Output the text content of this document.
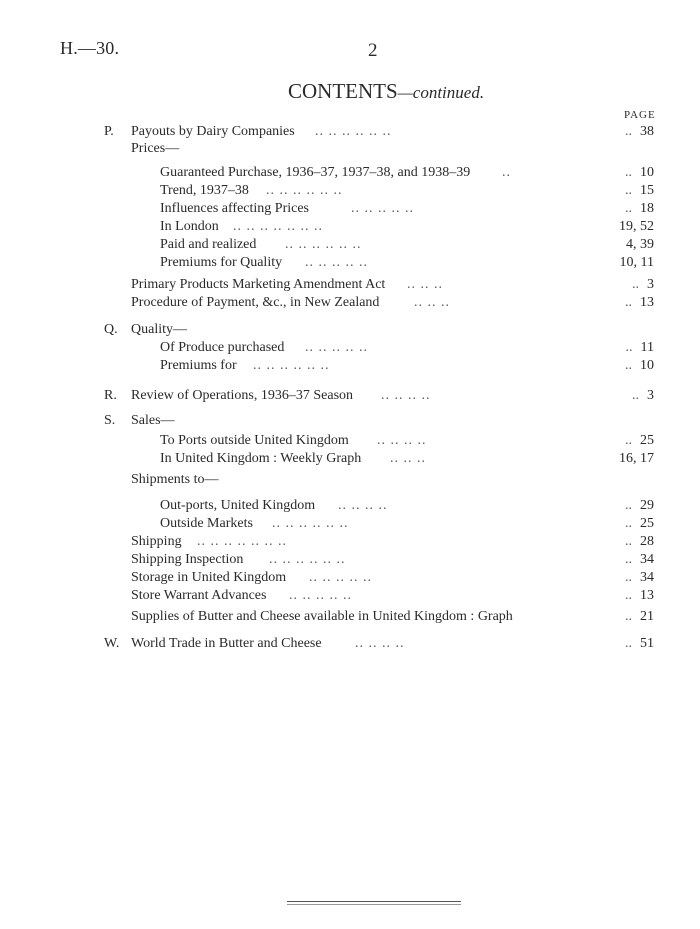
H.—30.	2
CONTENTS—continued.
PAGE
P. Payouts by Dairy Companies .. .. .. .. .. ..	.. 38
Prices—
Guaranteed Purchase, 1936–37, 1937–38, and 1938–39 ..	.. 10
Trend, 1937–38 .. .. .. .. .. ..	.. 15
Influences affecting Prices	.. .. .. .. ..	.. 18
In London .. .. .. .. .. .. ..	19, 52
Paid and realized .. .. .. .. .. ..	4, 39
Premiums for Quality .. .. .. .. ..	10, 11
Primary Products Marketing Amendment Act .. .. ..	.. 3
Procedure of Payment, &c., in New Zealand .. .. ..	.. 13
Q. Quality—
Of Produce purchased .. .. .. .. ..	.. 11
Premiums for .. .. .. .. .. ..	.. 10
R. Review of Operations, 1936–37 Season .. .. .. ..	.. 3
S. Sales—
To Ports outside United Kingdom .. .. .. ..	.. 25
In United Kingdom : Weekly Graph .. .. ..	16, 17
Shipments to—
Out-ports, United Kingdom .. .. .. ..	.. 29
Outside Markets .. .. .. .. .. ..	.. 25
Shipping .. .. .. .. .. .. ..	.. 28
Shipping Inspection .. .. .. .. .. ..	.. 34
Storage in United Kingdom .. .. .. .. ..	.. 34
Store Warrant Advances .. .. .. .. ..	.. 13
Supplies of Butter and Cheese available in United Kingdom : Graph	.. 21
W. World Trade in Butter and Cheese .. .. .. ..	.. 51
